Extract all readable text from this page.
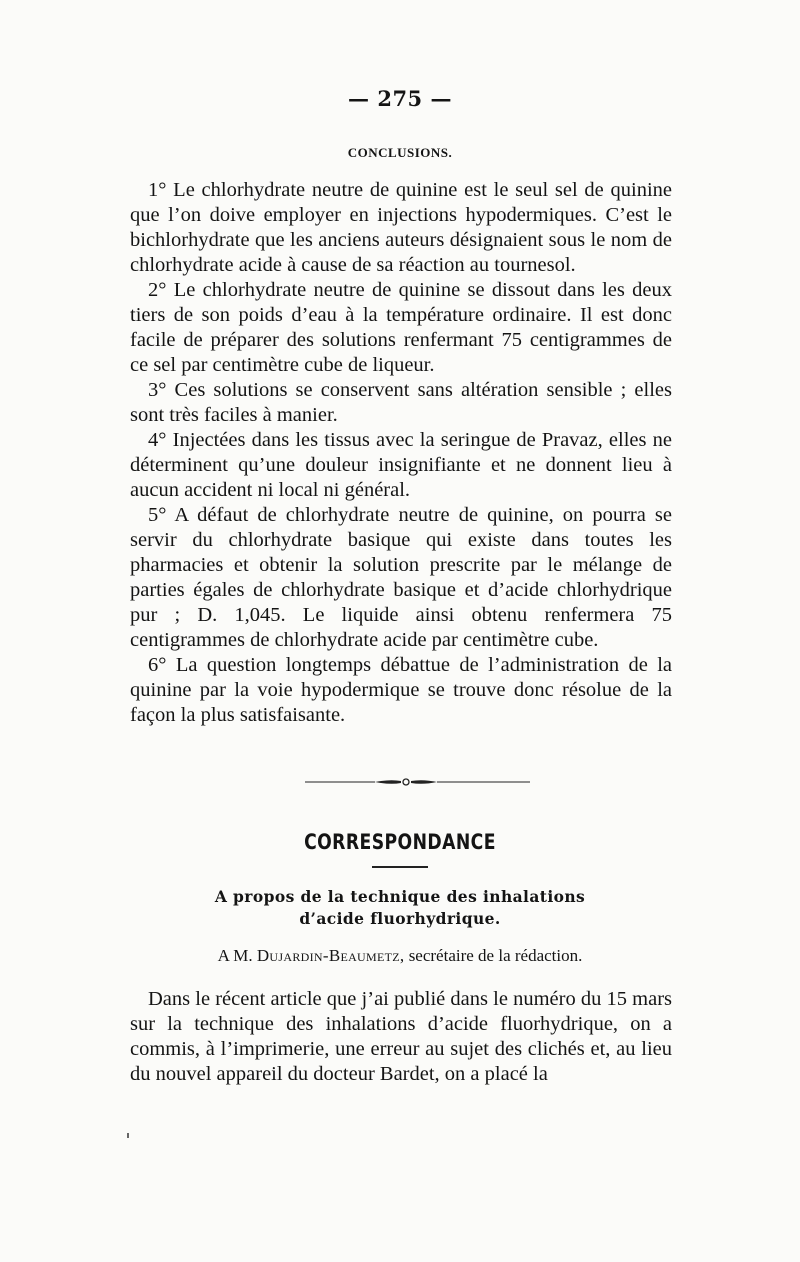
— 275 —
CONCLUSIONS.

1° Le chlorhydrate neutre de quinine est le seul sel de quinine que l’on doive employer en injections hypodermiques. C’est le bichlorhydrate que les anciens auteurs désignaient sous le nom de chlorhydrate acide à cause de sa réaction au tournesol.

2° Le chlorhydrate neutre de quinine se dissout dans les deux tiers de son poids d’eau à la température ordinaire. Il est donc facile de préparer des solutions renfermant 75 centigrammes de ce sel par centimètre cube de liqueur.

3° Ces solutions se conservent sans altération sensible ; elles sont très faciles à manier.

4° Injectées dans les tissus avec la seringue de Pravaz, elles ne déterminent qu’une douleur insignifiante et ne donnent lieu à aucun accident ni local ni général.

5° A défaut de chlorhydrate neutre de quinine, on pourra se servir du chlorhydrate basique qui existe dans toutes les pharmacies et obtenir la solution prescrite par le mélange de parties égales de chlorhydrate basique et d’acide chlorhydrique pur ; D. 1,045. Le liquide ainsi obtenu renfermera 75 centigrammes de chlorhydrate acide par centimètre cube.

6° La question longtemps débattue de l’administration de la quinine par la voie hypodermique se trouve donc résolue de la façon la plus satisfaisante.

CORRESPONDANCE
A propos de la technique des inhalations
d’acide fluorhydrique.
A M. Dujardin-Beaumetz, secrétaire de la rédaction.

Dans le récent article que j’ai publié dans le numéro du 15 mars sur la technique des inhalations d’acide fluorhydrique, on a commis, à l’imprimerie, une erreur au sujet des clichés et, au lieu du nouvel appareil du docteur Bardet, on a placé la
